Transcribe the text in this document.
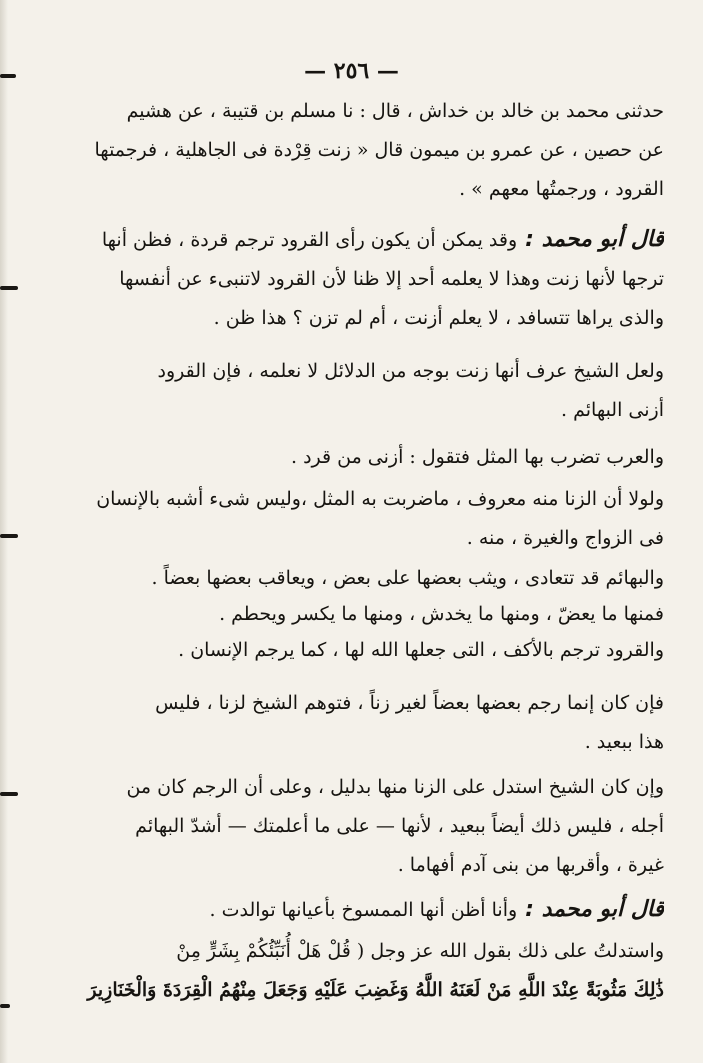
— ٢٥٦ —
حدثنى محمد بن خالد بن خداش ، قال : نا مسلم بن قتيبة ، عن هشيم
عن حصين ، عن عمرو بن ميمون قال « زنت قِرْدة فى الجاهلية ، فرجمتها
القرود ، ورجمتُها معهم » .
قال أبو محمد :وقد يمكن أن يكون رأى القرود ترجم قردة ، فظن أنها
ترجها لأنها زنت وهذا لا يعلمه أحد إلا ظنا لأن القرود لاتنبىء عن أنفسها
والذى يراها تتسافد ، لا يعلم أزنت ، أم لم تزن ؟ هذا ظن .
ولعل الشيخ عرف أنها زنت بوجه من الدلائل لا نعلمه ، فإن القرود
أزنى البهائم .
والعرب تضرب بها المثل فتقول : أزنى من قرد .
ولولا أن الزنا منه معروف ، ماضربت به المثل ،وليس شىء أشبه بالإنسان
فى الزواج والغيرة ، منه .
والبهائم قد تتعادى ، ويثب بعضها على بعض ، ويعاقب بعضها بعضاً .
فمنها ما يعضّ ، ومنها ما يخدش ، ومنها ما يكسر ويحطم .
والقرود ترجم بالأكف ، التى جعلها الله لها ، كما يرجم الإنسان .
فإن كان إنما رجم بعضها بعضاً لغير زناً ، فتوهم الشيخ لزنا ، فليس
هذا ببعيد .
وإن كان الشيخ استدل على الزنا منها بدليل ، وعلى أن الرجم كان من
أجله ، فليس ذلك أيضاً ببعيد ، لأنها — على ما أعلمتك — أشدّ البهائم
غيرة ، وأقربها من بنى آدم أفهاما .
قال أبو محمد :وأنا أظن أنها الممسوخ بأعيانها توالدت .
واستدلتُ على ذلك بقول الله عز وجل ( قُلْ هَلْ أُنَبِّئُكُمْ بِشَرٍّ مِنْ
ذَٰلِكَ مَثُوبَةً عِنْدَ اللَّهِ مَنْ لَعَنَهُ اللَّهُ وَغَضِبَ عَلَيْهِ وَجَعَلَ مِنْهُمُ الْقِرَدَةَ وَالْخَنَازِيرَ
